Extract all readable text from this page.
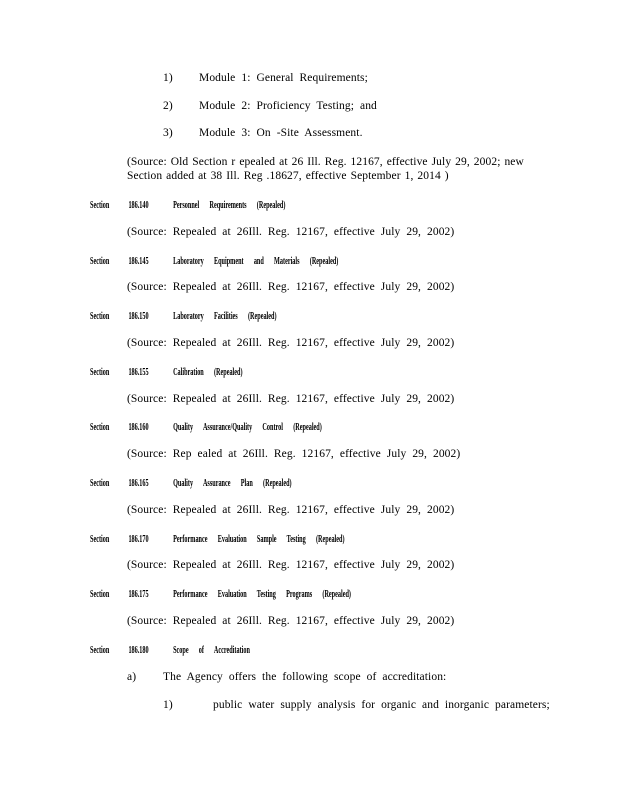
1) Module 1: General Requirements;
2) Module 2: Proficiency Testing; and
3) Module 3: On -Site Assessment.
(Source: Old Section r epealed at 26 Ill. Reg. 12167, effective July 29, 2002; new
Section added at 38 Ill. Reg .18627, effective September 1, 2014 )
Section 186.140 Personnel Requirements (Repealed)
(Source: Repealed at 26Ill. Reg. 12167, effective July 29, 2002)
Section 186.145 Laboratory Equipment and Materials (Repealed)
(Source: Repealed at 26Ill. Reg. 12167, effective July 29, 2002)
Section 186.150 Laboratory Facilities (Repealed)
(Source: Repealed at 26Ill. Reg. 12167, effective July 29, 2002)
Section 186.155 Calibration (Repealed)
(Source: Repealed at 26Ill. Reg. 12167, effective July 29, 2002)
Section 186.160 Quality Assurance/Quality Control (Repealed)
(Source: Rep ealed at 26Ill. Reg. 12167, effective July 29, 2002)
Section 186.165 Quality Assurance Plan (Repealed)
(Source: Repealed at 26Ill. Reg. 12167, effective July 29, 2002)
Section 186.170 Performance Evaluation Sample Testing (Repealed)
(Source: Repealed at 26Ill. Reg. 12167, effective July 29, 2002)
Section 186.175 Performance Evaluation Testing Programs (Repealed)
(Source: Repealed at 26Ill. Reg. 12167, effective July 29, 2002)
Section 186.180 Scope of Accreditation
a) The Agency offers the following scope of accreditation:
1)	public water supply analysis for organic and inorganic parameters;
